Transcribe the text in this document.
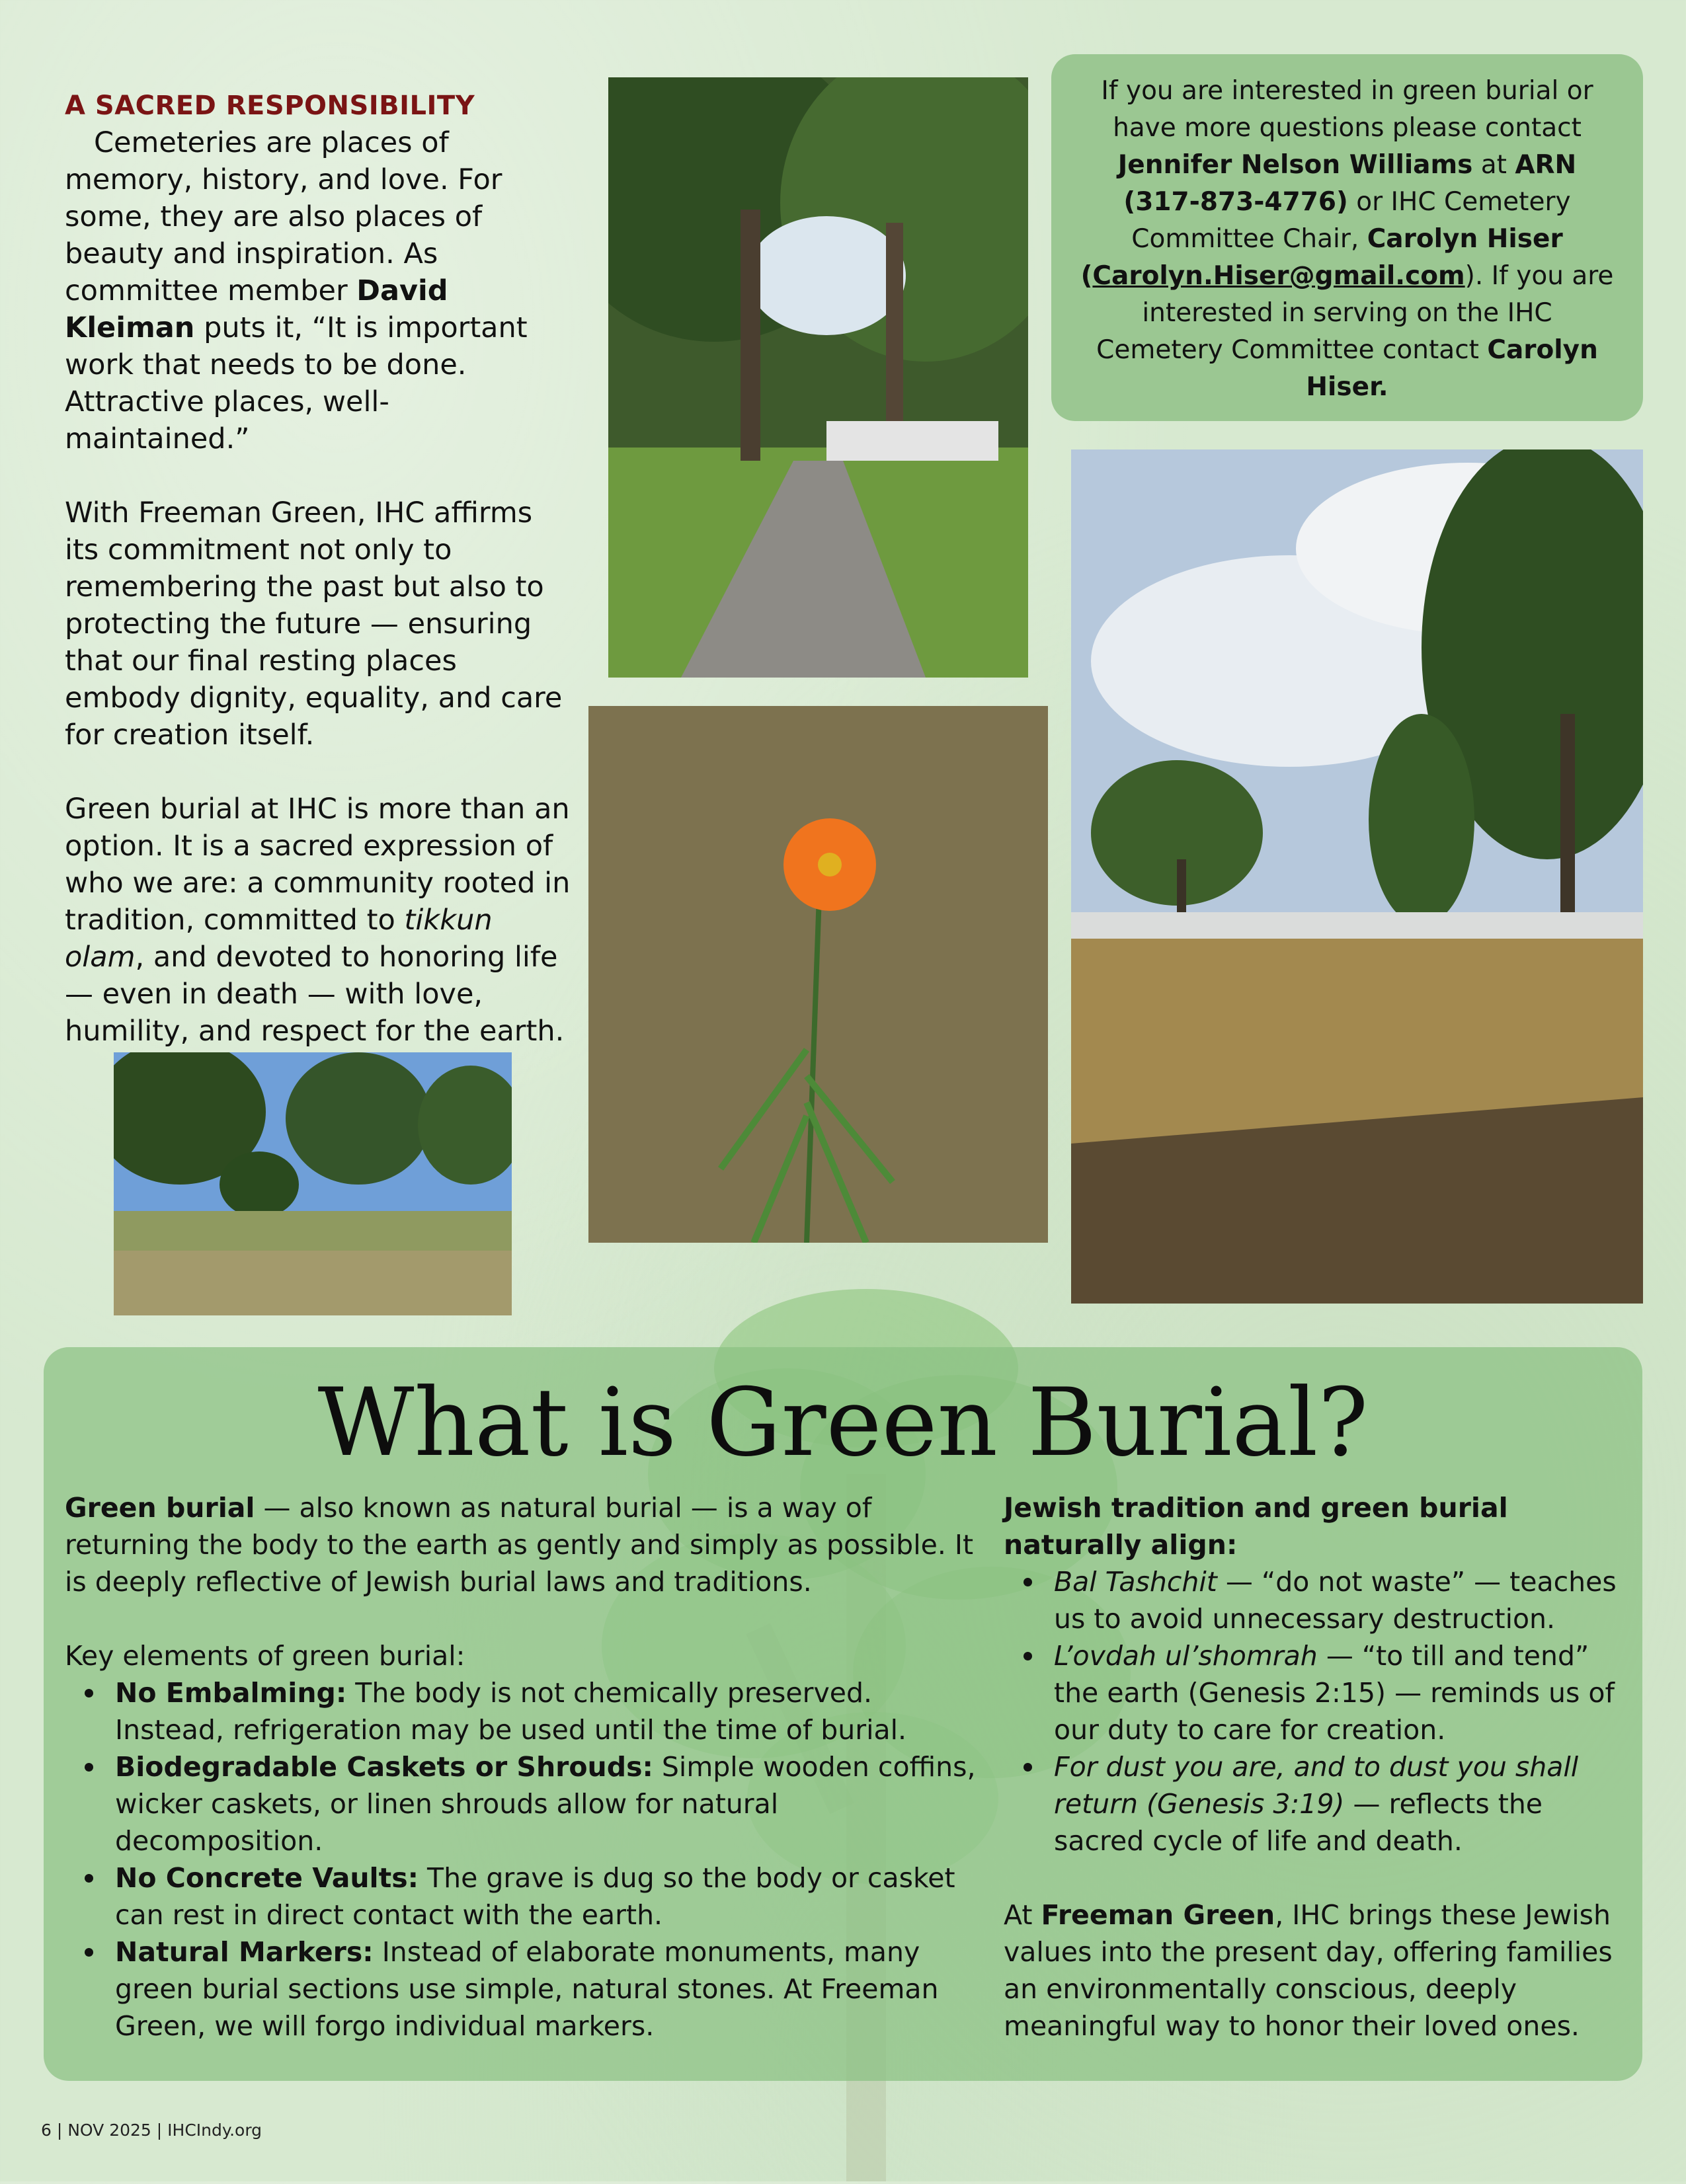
A SACRED RESPONSIBILITY

Cemeteries are places of memory, history, and love. For some, they are also places of beauty and inspiration. As committee member David Kleiman puts it, “It is important work that needs to be done. Attractive places, well-maintained.”

With Freeman Green, IHC affirms its commitment not only to remembering the past but also to protecting the future — ensuring that our final resting places embody dignity, equality, and care for creation itself.

Green burial at IHC is more than an option. It is a sacred expression of who we are: a community rooted in tradition, committed to tikkun olam, and devoted to honoring life — even in death — with love, humility, and respect for the earth.

If you are interested in green burial or have more questions please contact Jennifer Nelson Williams at ARN (317-873-4776) or IHC Cemetery Committee Chair, Carolyn Hiser (Carolyn.Hiser@gmail.com). If you are interested in serving on the IHC Cemetery Committee contact Carolyn Hiser.
What is Green Burial?

Green burial — also known as natural burial — is a way of returning the body to the earth as gently and simply as possible. It is deeply reflective of Jewish burial laws and traditions.

Key elements of green burial:

No Embalming: The body is not chemically preserved. Instead, refrigeration may be used until the time of burial.
Biodegradable Caskets or Shrouds: Simple wooden coffins, wicker caskets, or linen shrouds allow for natural decomposition.
No Concrete Vaults: The grave is dug so the body or casket can rest in direct contact with the earth.
Natural Markers: Instead of elaborate monuments, many green burial sections use simple, natural stones. At Freeman Green, we will forgo individual markers.

Jewish tradition and green burial naturally align:

Bal Tashchit — “do not waste” — teaches us to avoid unnecessary destruction.
L’ovdah ul’shomrah — “to till and tend” the earth (Genesis 2:15) — reminds us of our duty to care for creation.
For dust you are, and to dust you shall return (Genesis 3:19) — reflects the sacred cycle of life and death.

At Freeman Green, IHC brings these Jewish values into the present day, offering families an environmentally conscious, deeply meaningful way to honor their loved ones.

6 | NOV 2025 | IHCIndy.org
